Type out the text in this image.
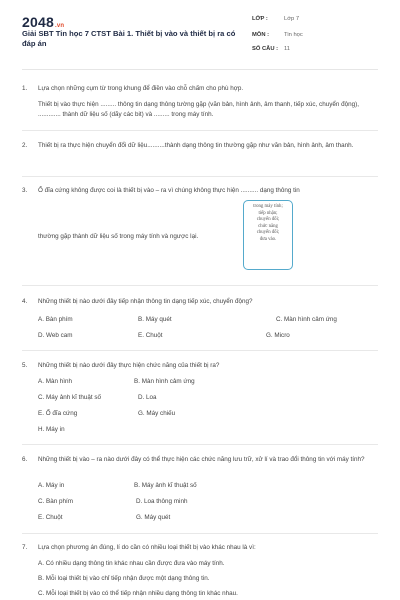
2048.vn
Giải SBT Tin học 7 CTST Bài 1. Thiết bị vào và thiết bị ra có đáp án
LỚP :	Lớp 7
MÔN :	Tin học
SỐ CÂU : 11
1. Lựa chọn những cụm từ trong khung để điền vào chỗ chấm cho phù hợp.

Thiết bị vào thực hiện ......... thông tin dạng thông tường gặp (văn bản, hình ảnh, âm thanh, tiếp xúc, chuyển động), ............. thành dữ liệu số (dãy các bit) và ......... trong máy tính.

2. Thiết bị ra thực hiện chuyển đổi dữ liệu..........thành dạng thông tin thường gặp như văn bản, hình ảnh, âm thanh.

3. Ổ đĩa cứng không được coi là thiết bị vào – ra vì chúng không thực hiện .......... dạng thông tin

thường gặp thành dữ liệu số trong máy tính và ngược lại.

trong máy tính;
tiếp nhận;
chuyển đổi;
chức năng
chuyển đổi;
đưa vào.
4. Những thiết bị nào dưới đây tiếp nhận thông tin dạng tiếp xúc, chuyển động?

A. Bàn phím	B. Máy quét	C. Màn hình cảm ứng
D. Web cam	E. Chuột	G. Micro
5. Những thiết bị nào dưới đây thực hiện chức năng của thiết bị ra?

A. Màn hình	B. Màn hình cảm ứng
C. Máy ảnh kĩ thuật số	D. Loa
E. Ổ đĩa cứng	G. Máy chiếu
H. Máy in
6. Những thiết bị vào – ra nào dưới đây có thể thực hiện các chức năng lưu trữ, xử lí và trao đổi thông tin với máy tính?

A. Máy in	B. Máy ảnh kĩ thuật số
C. Bàn phím	D. Loa thông minh
E. Chuột	G. Máy quét
7. Lựa chọn phương án đúng, lí do cần có nhiều loại thiết bị vào khác nhau là vì:

A. Có nhiều dạng thông tin khác nhau cần được đưa vào máy tính.
B. Mỗi loại thiết bị vào chỉ tiếp nhận được một dạng thông tin.
C. Mỗi loại thiết bị vào có thể tiếp nhận nhiều dạng thông tin khác nhau.
